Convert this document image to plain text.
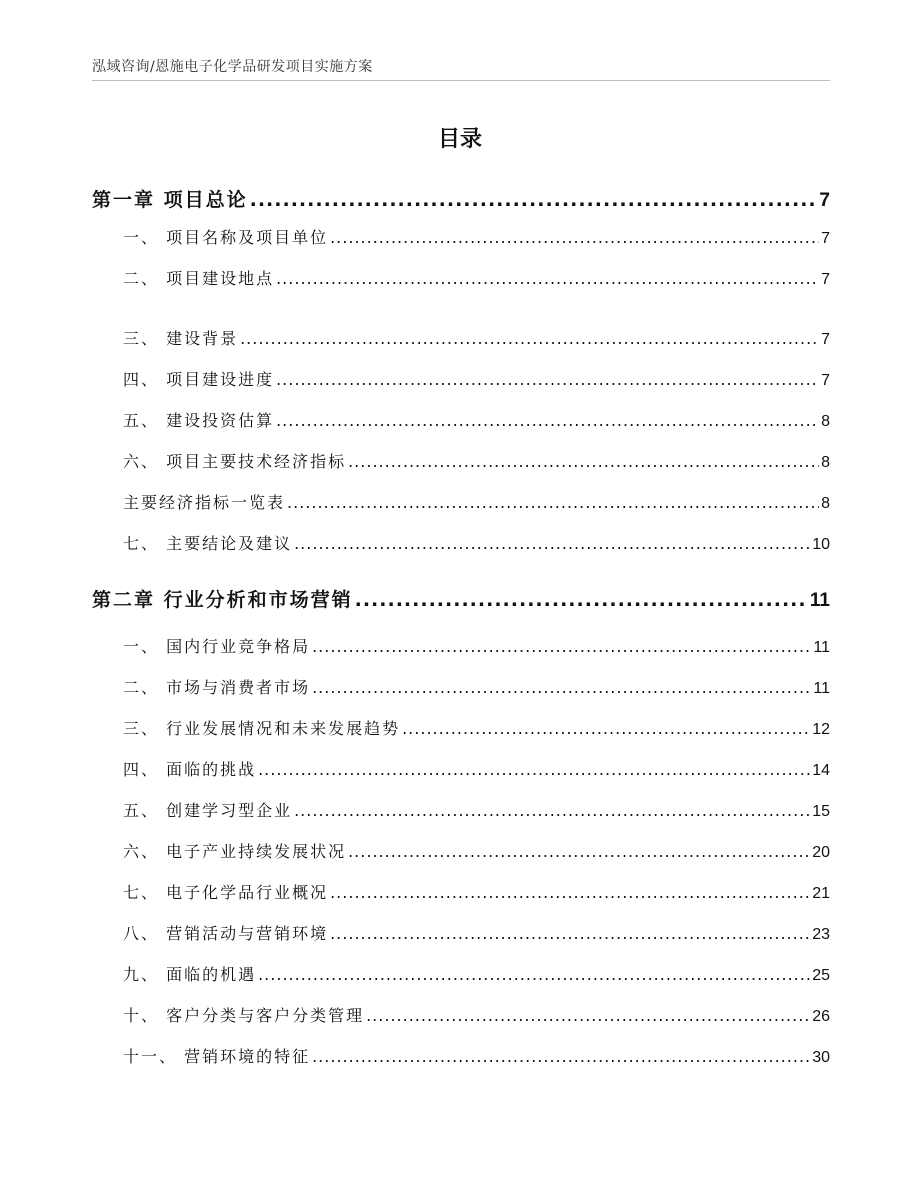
泓域咨询/恩施电子化学品研发项目实施方案
目录
第一章 项目总论 .....	7
一、 项目名称及项目单位 .....	7
二、 项目建设地点 .....	7
三、 建设背景 .....	7
四、 项目建设进度 .....	7
五、 建设投资估算 .....	8
六、 项目主要技术经济指标 .....	8
主要经济指标一览表 .....	8
七、 主要结论及建议 .....	10
第二章 行业分析和市场营销 .....	11
一、 国内行业竞争格局 .....	11
二、 市场与消费者市场 .....	11
三、 行业发展情况和未来发展趋势 .....	12
四、 面临的挑战 .....	14
五、 创建学习型企业 .....	15
六、 电子产业持续发展状况 .....	20
七、 电子化学品行业概况 .....	21
八、 营销活动与营销环境 .....	23
九、 面临的机遇 .....	25
十、 客户分类与客户分类管理 .....	26
十一、 营销环境的特征 .....	30
